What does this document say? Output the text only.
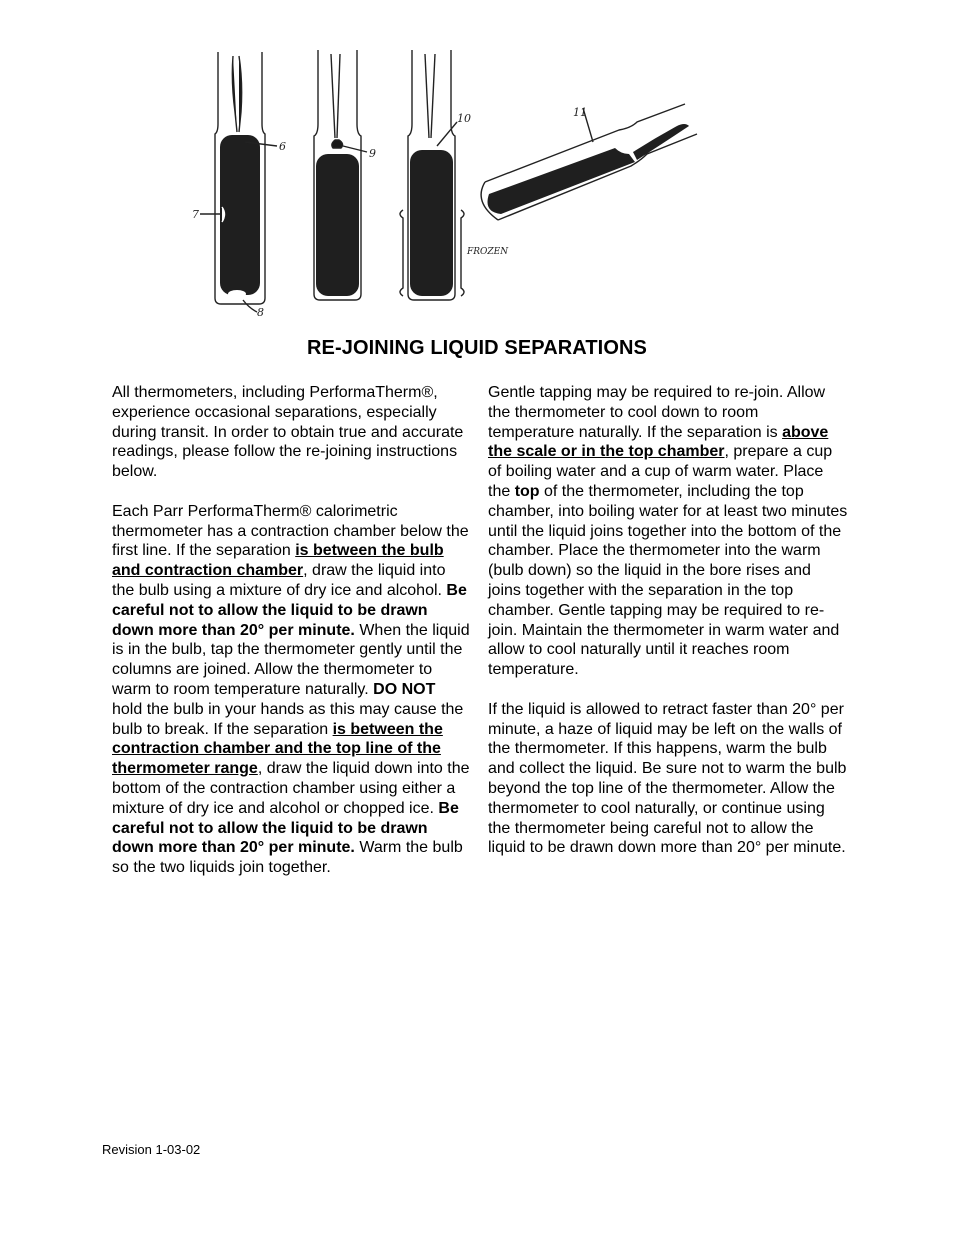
6
7
8
9
10	11
FROZEN
RE-JOINING LIQUID SEPARATIONS

All thermometers, including PerformaTherm®, experience occasional separations, especially during transit. In order to obtain true and accurate readings, please follow the re-joining instructions below.

Each Parr PerformaTherm® calorimetric thermometer has a contraction chamber below the first line. If the separation is between the bulb and contraction chamber, draw the liquid into the bulb using a mixture of dry ice and alcohol. Be careful not to allow the liquid to be drawn down more than 20° per minute. When the liquid is in the bulb, tap the thermometer gently until the columns are joined. Allow the thermometer to warm to room temperature naturally. DO NOT hold the bulb in your hands as this may cause the bulb to break. If the separation is between the contraction chamber and the top line of the thermometer range, draw the liquid down into the bottom of the contraction chamber using either a mixture of dry ice and alcohol or chopped ice. Be careful not to allow the liquid to be drawn down more than 20° per minute. Warm the bulb so the two liquids join together.

Gentle tapping may be required to re-join. Allow the thermometer to cool down to room temperature naturally. If the separation is above the scale or in the top chamber, prepare a cup of boiling water and a cup of warm water. Place the top of the thermometer, including the top chamber, into boiling water for at least two minutes until the liquid joins together into the bottom of the chamber. Place the thermometer into the warm (bulb down) so the liquid in the bore rises and joins together with the separation in the top chamber. Gentle tapping may be required to re-join. Maintain the thermometer in warm water and allow to cool naturally until it reaches room temperature.

If the liquid is allowed to retract faster than 20° per minute, a haze of liquid may be left on the walls of the thermometer. If this happens, warm the bulb and collect the liquid. Be sure not to warm the bulb beyond the top line of the thermometer. Allow the thermometer to cool naturally, or continue using the thermometer being careful not to allow the liquid to be drawn down more than 20° per minute.

Revision 1-03-02
